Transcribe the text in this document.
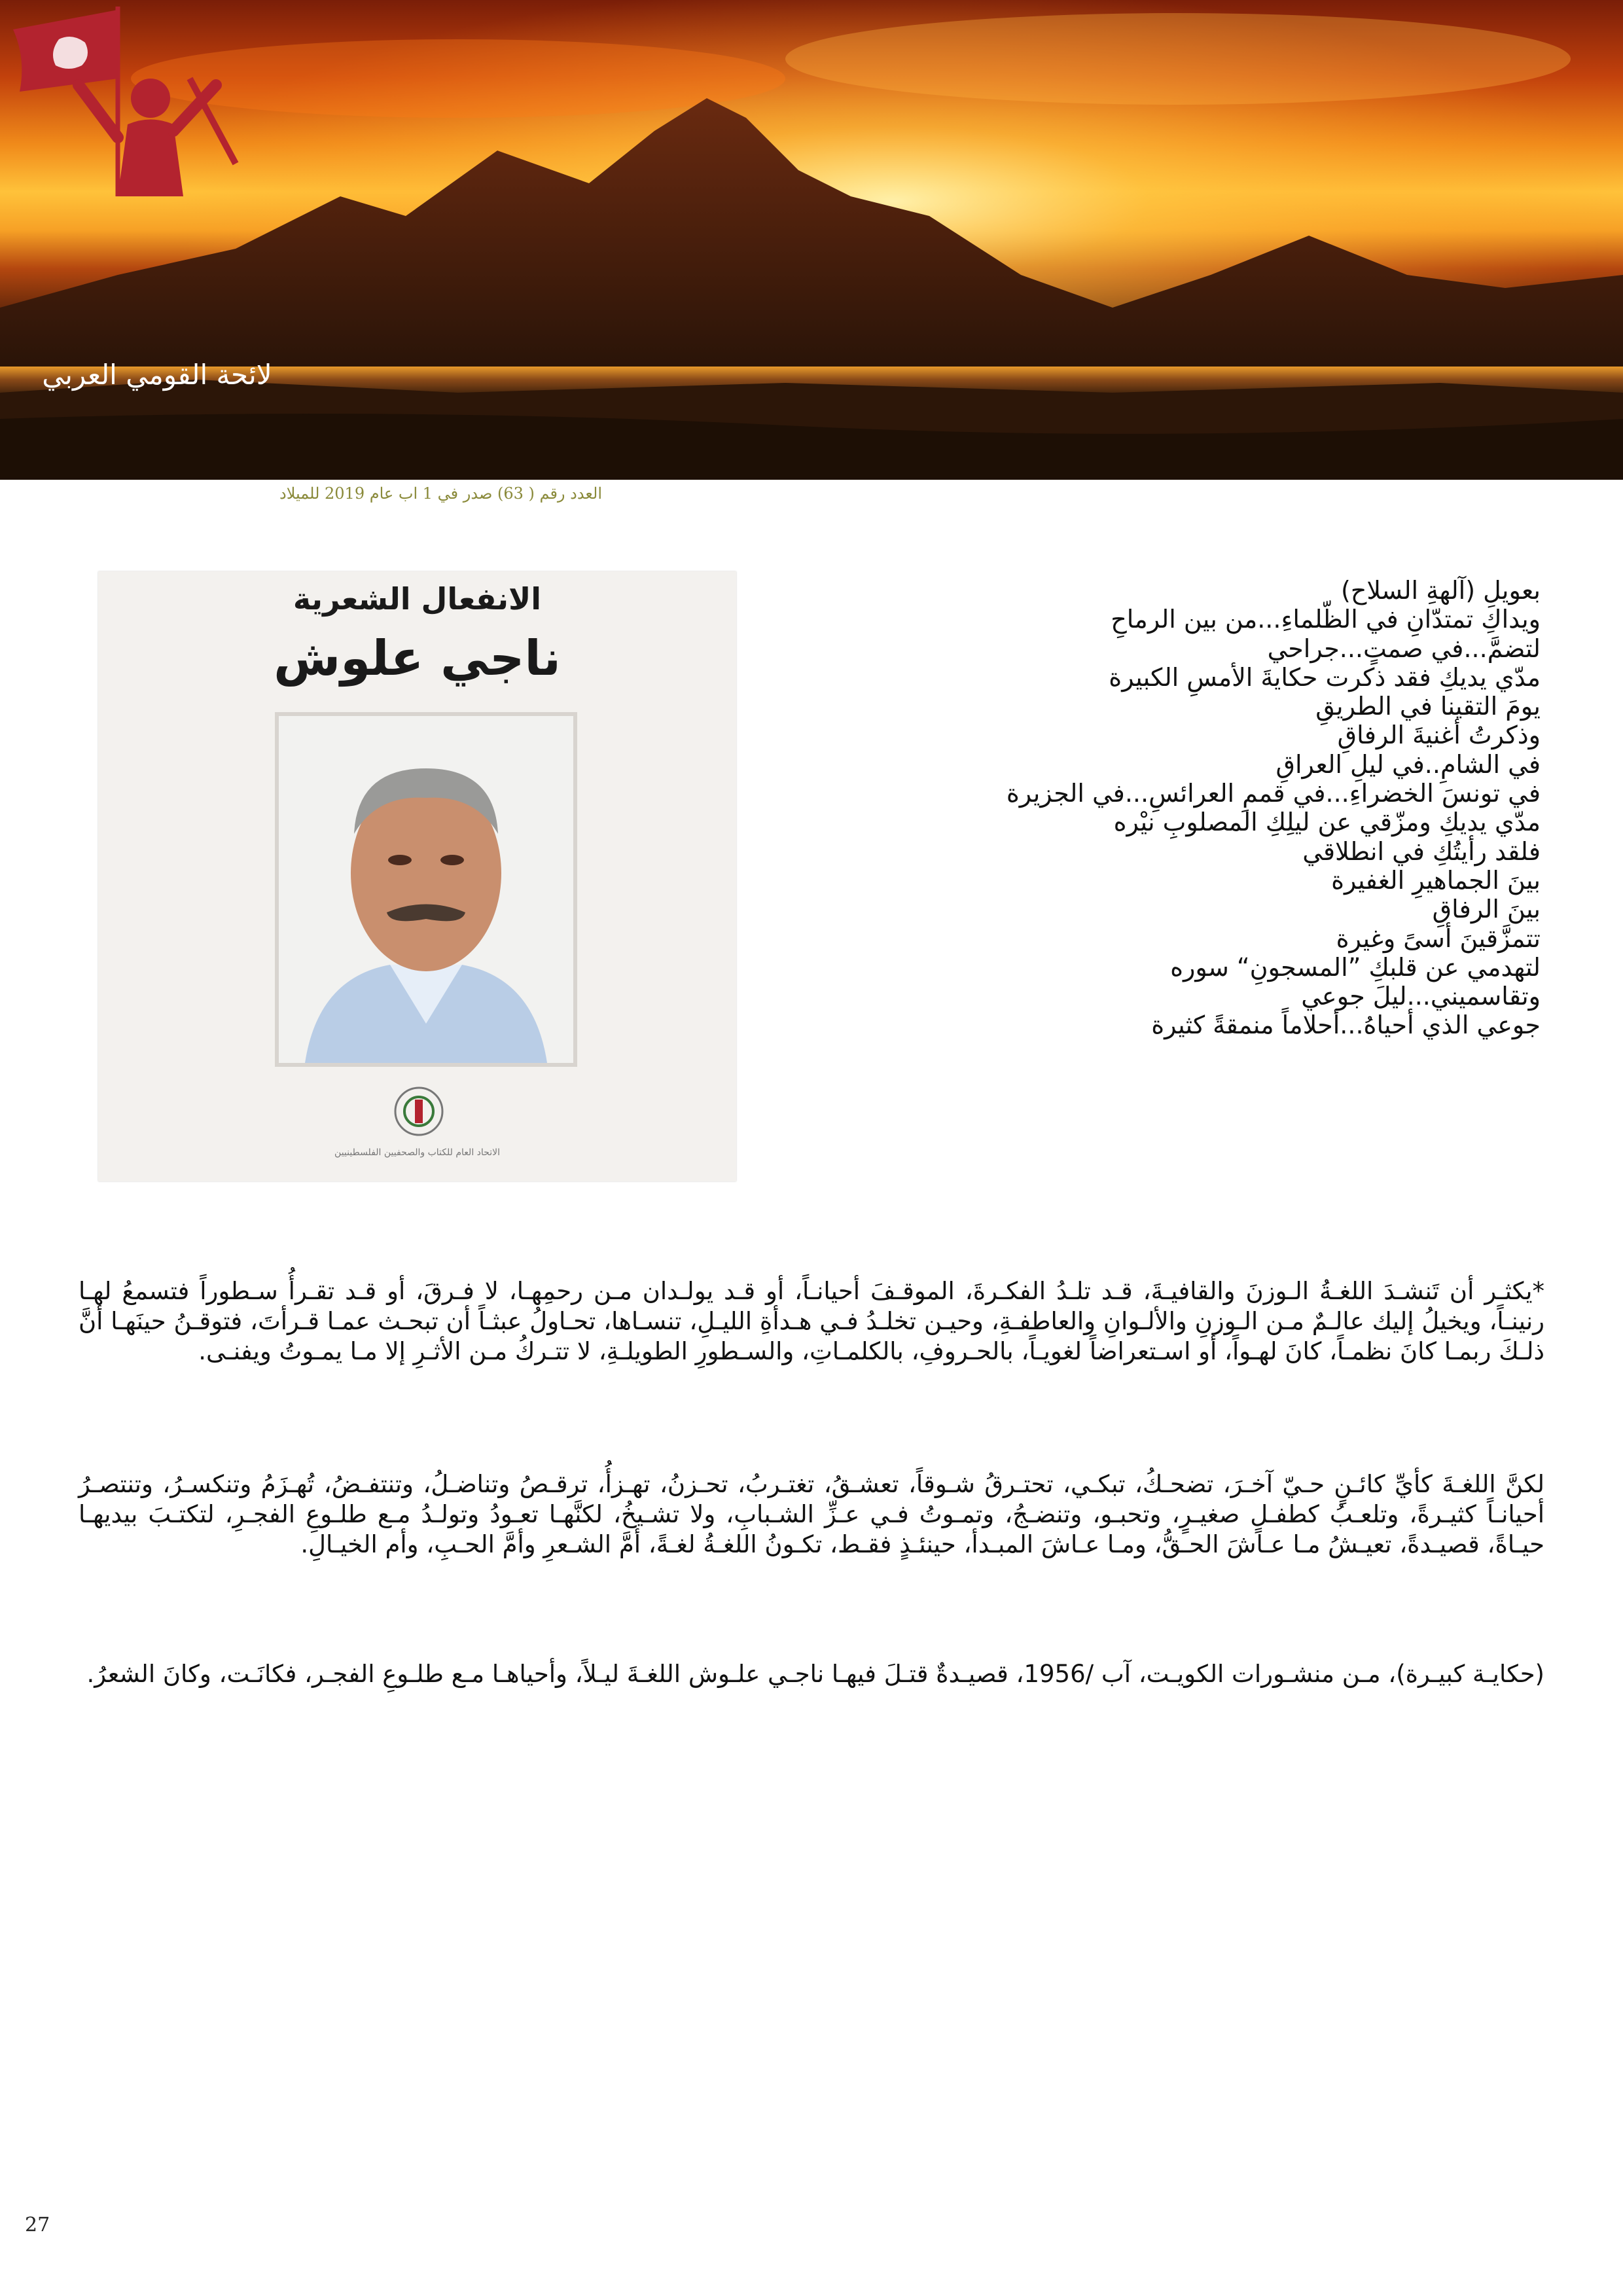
لائحة القومي العربي
العدد رقم ( 63) صدر في 1 اب عام 2019 للميلاد
الانفعال الشعرية
ناجي علوش
الاتحاد العام للكتاب والصحفيين الفلسطينيين
بعويلِ (آلهةِ السلاح)
ويداكِ تمتدّانِ في الظّلماءِ...من بين الرماحِ
لتضمَّ...في صمتٍ...جراحي
مدّي يديكِ فقد ذكرت حكايةَ الأمسِ الكبيرة
يومَ التقينا في الطريقِ
وذكرتُ أغنيةَ الرفاقِ
في الشامِ..في ليلِ العراقِ
في تونسَ الخضراءِ...في قممِ العرائسِ...في الجزيرة
مدّي يديكِ ومزّقي عن ليلِكِ المصلوبِ نيْره
فلقد رأيتُكِ في انطلاقي
بينَ الجماهيرِ الغفيرة
بينَ الرفاقِ
تتمزَّقينَ أسىً وغيرة
لتهدمي عن قلبكِ ”المسجونِ“ سوره
وتقاسميني...ليلَ جوعي
جوعي الذي أحياهُ...أحلاماً منمقةً كثيرة
*يكثـر أن تَنشـدَ اللغـةُ الـوزنَ والقافيـةَ، قـد تلـدُ الفكـرةَ، الموقـفَ أحيانـاً، أو قـد يولـدان مـن رحمِهـا، لا فـرقَ، أو قـد تقـرأُ سـطوراً فتسمعُ لهـا رنينـاً، ويخيلُ إليك عالـمٌ مـن الـوزنِ والألـوانِ والعاطفـةِ، وحيـن تخلـدُ فـي هـدأةِ الليـلِ، تنسـاها، تحـاولُ عبثـاً أن تبحـث عمـا قـرأتَ، فتوقـنُ حينَهـا أنَّ ذلـكَ ربمـا كانَ نظمـاً، كانَ لهـواً، أو اسـتعراضاً لغويـاً، بالحـروفِ، بالكلمـاتِ، والسـطورِ الطويلـةِ، لا تتـركُ مـن الأثـرِ إلا مـا يمـوتُ ويفنـى.
لكنَّ اللغـةَ كأيِّ كائـنٍ حـيّ آخـرَ، تضحـكُ، تبكـي، تحتـرقُ شـوقاً، تعشـقُ، تغتـربُ، تحـزنُ، تهـزأُ، ترقـصُ وتناضـلُ، وتنتفـضُ، تُهـزَمُ وتنكسـرُ، وتنتصـرُ أحيانـاً كثيـرةً، وتلعـبُ كطفـلٍ صغيـرٍ، وتحبـو، وتنضـجُ، وتمـوتُ فـي عـزِّ الشـبابِ، ولا تشـيخُ، لكنَّهـا تعـودُ وتولـدُ مـع طلـوعِ الفجـرِ، لتكتـبَ بيديهـا حيـاةً، قصيـدةً، تعيـشُ مـا عـاشَ الحـقُّ، ومـا عـاشَ المبـدأ، حينئـذٍ فقـط، تكـونُ اللغـةُ لغـةً، أمَّ الشـعرِ وأمَّ الحـبِ، وأم الخيـالِ.
(حكايـة كبيـرة)، مـن منشـورات الكويـت، آب /1956، قصيـدةٌ قتـلَ فيهـا ناجـي علـوش اللغـةَ ليـلاً، وأحياهـا مـع طلـوعِ الفجـر، فكانَـت، وكانَ الشعرُ.
27
